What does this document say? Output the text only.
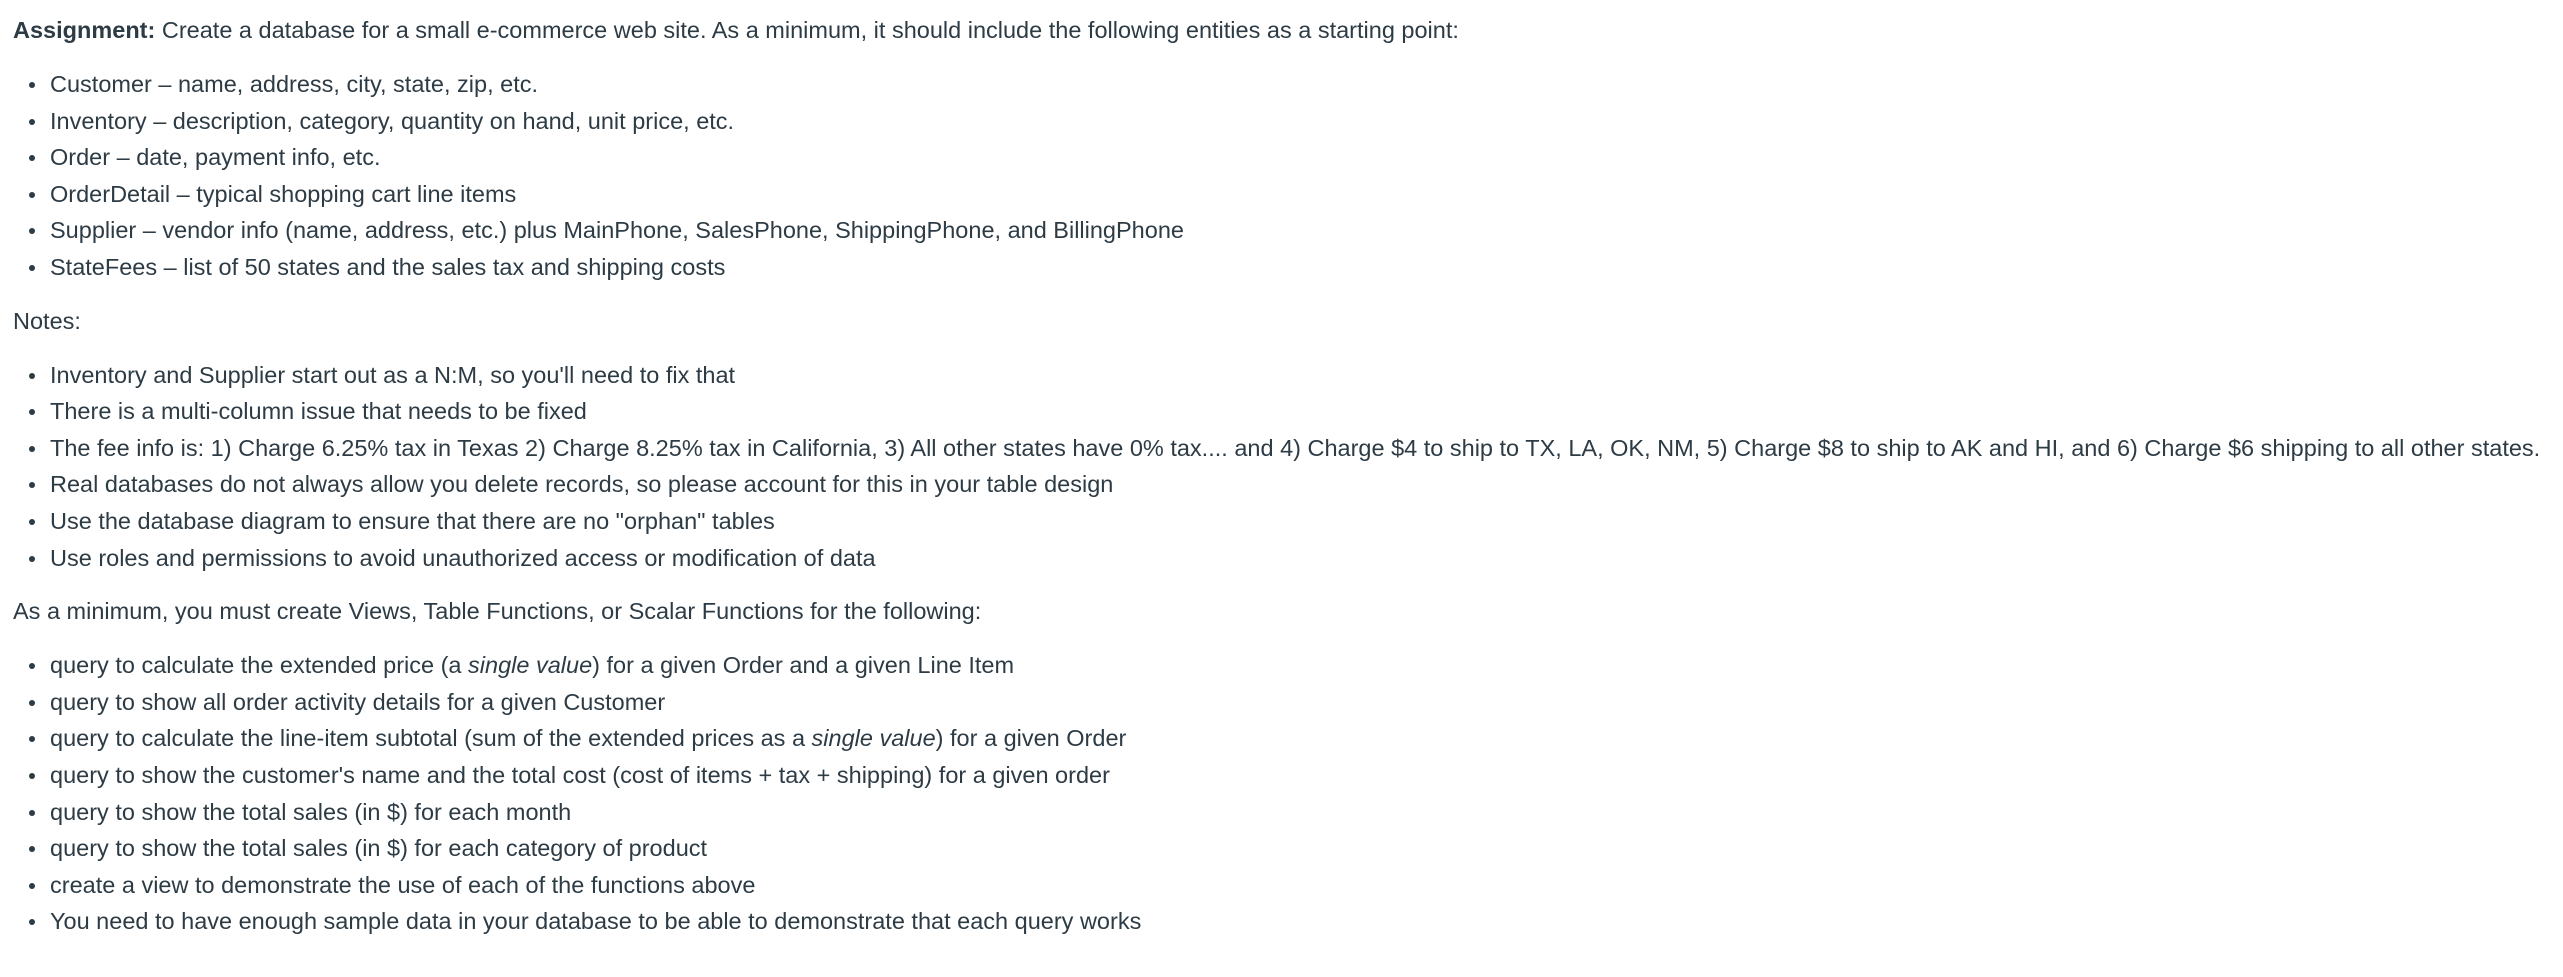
Assignment: Create a database for a small e-commerce web site. As a minimum, it should include the following entities as a starting point:

Customer – name, address, city, state, zip, etc.
Inventory – description, category, quantity on hand, unit price, etc.
Order – date, payment info, etc.
OrderDetail – typical shopping cart line items
Supplier – vendor info (name, address, etc.) plus MainPhone, SalesPhone, ShippingPhone, and BillingPhone
StateFees – list of 50 states and the sales tax and shipping costs

Notes:

Inventory and Supplier start out as a N:M, so you'll need to fix that
There is a multi-column issue that needs to be fixed
The fee info is: 1) Charge 6.25% tax in Texas 2) Charge 8.25% tax in California, 3) All other states have 0% tax.... and 4) Charge $4 to ship to TX, LA, OK, NM, 5) Charge $8 to ship to AK and HI, and 6) Charge $6 shipping to all other states.
Real databases do not always allow you delete records, so please account for this in your table design
Use the database diagram to ensure that there are no "orphan" tables
Use roles and permissions to avoid unauthorized access or modification of data

As a minimum, you must create Views, Table Functions, or Scalar Functions for the following:

query to calculate the extended price (a single value) for a given Order and a given Line Item
query to show all order activity details for a given Customer
query to calculate the line-item subtotal (sum of the extended prices as a single value) for a given Order
query to show the customer's name and the total cost (cost of items + tax + shipping) for a given order
query to show the total sales (in $) for each month
query to show the total sales (in $) for each category of product
create a view to demonstrate the use of each of the functions above
You need to have enough sample data in your database to be able to demonstrate that each query works
